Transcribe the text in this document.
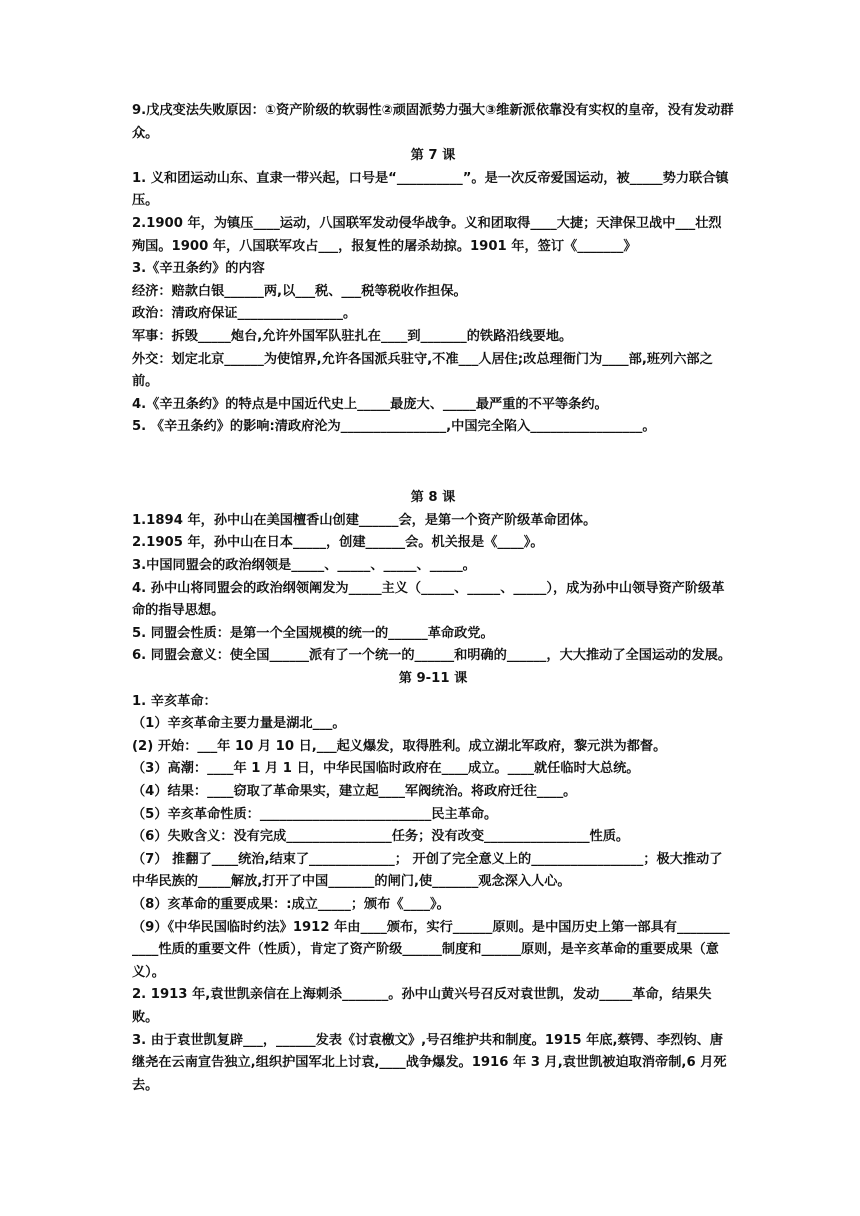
9.戊戌变法失败原因：①资产阶级的软弱性②顽固派势力强大③维新派依靠没有实权的皇帝，没有发动群众。

第 7 课

1. 义和团运动山东、直隶一带兴起，口号是“__________”。是一次反帝爱国运动，被_____势力联合镇压。

2.1900 年，为镇压____运动，八国联军发动侵华战争。义和团取得____大捷；天津保卫战中___壮烈殉国。1900 年，八国联军攻占___，报复性的屠杀劫掠。1901 年，签订《_______》

3.《辛丑条约》的内容

经济：赔款白银______两,以___税、___税等税收作担保。

政治：清政府保证________________。

军事：拆毁_____炮台,允许外国军队驻扎在____到_______的铁路沿线要地。

外交：划定北京______为使馆界,允许各国派兵驻守,不准___人居住;改总理衙门为____部,班列六部之前。

4.《辛丑条约》的特点是中国近代史上_____最庞大、_____最严重的不平等条约。

5. 《辛丑条约》的影响:清政府沦为________________,中国完全陷入_________________。

第 8 课

1.1894 年，孙中山在美国檀香山创建______会，是第一个资产阶级革命团体。

2.1905 年，孙中山在日本_____，创建______会。机关报是《____》。

3.中国同盟会的政治纲领是_____、_____、_____、_____。

4. 孙中山将同盟会的政治纲领阐发为_____主义（_____、_____、_____），成为孙中山领导资产阶级革命的指导思想。

5. 同盟会性质：是第一个全国规模的统一的______革命政党。

6. 同盟会意义：使全国______派有了一个统一的______和明确的______，大大推动了全国运动的发展。

第 9-11 课

1. 辛亥革命：

（1）辛亥革命主要力量是湖北___。

(2) 开始：___年 10 月 10 日,___起义爆发，取得胜利。成立湖北军政府，黎元洪为都督。

（3）高潮：____年 1 月 1 日，中华民国临时政府在____成立。____就任临时大总统。

（4）结果：____窃取了革命果实，建立起____军阀统治。将政府迁往____。

（5）辛亥革命性质：__________________________民主革命。

（6）失败含义：没有完成________________任务；没有改变________________性质。

（7） 推翻了____统治,结束了_____________； 开创了完全意义上的_________________；极大推动了中华民族的_____解放,打开了中国_______的闸门,使_______观念深入人心。

（8）亥革命的重要成果：:成立_____；颁布《____》。

（9）《中华民国临时约法》1912 年由____颁布，实行______原则。是中国历史上第一部具有____________性质的重要文件（性质），肯定了资产阶级______制度和______原则，是辛亥革命的重要成果（意义）。

2. 1913 年,袁世凯亲信在上海刺杀_______。孙中山黄兴号召反对袁世凯，发动_____革命，结果失败。

3. 由于袁世凯复辟___，______发表《讨袁檄文》,号召维护共和制度。1915 年底,蔡锷、李烈钧、唐继尧在云南宣告独立,组织护国军北上讨袁,____战争爆发。1916 年 3 月,袁世凯被迫取消帝制,6 月死去。
